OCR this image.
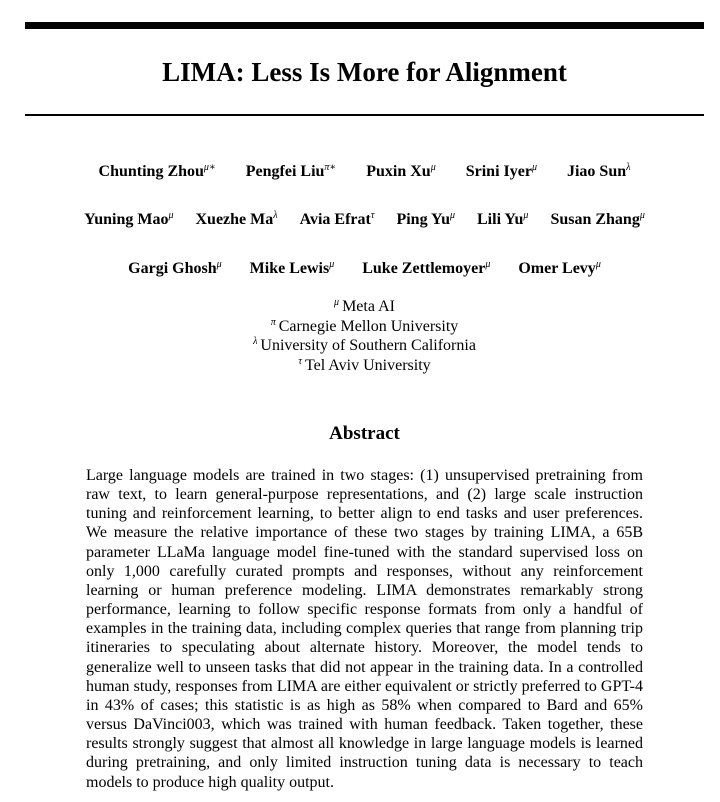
LIMA: Less Is More for Alignment
Chunting Zhou$^{\mu∗}$ Pengfei Liu$^{\pi∗}$ Puxin $Xu^\mu$ Srini Iyer$^\mu$ Jiao Sun$^\lambda$
Yuning Mao$^\mu$ Xuezhe $Ma^\lambda$ Avia Efrat$^\tau$ Ping $Yu^\mu$ Lili $Yu^\mu$ Susan Zhang$^\mu$
Gargi Ghosh$^\mu$ Mike Lewis$^\mu$ Luke Zettlemoyer$^\mu$ Omer Levy$^\mu$
$^\mu$ Meta AI
$^\pi$ Carnegie Mellon University
$^\lambda$ University of Southern California
$^\tau$ Tel Aviv University
Abstract

Large language models are trained in two stages: (1) unsupervised pretraining from raw text, to learn general-purpose representations, and (2) large scale instruction tuning and reinforcement learning, to better align to end tasks and user preferences. We measure the relative importance of these two stages by training LIMA, a 65B parameter LLaMa language model fine-tuned with the standard supervised loss on only 1,000 carefully curated prompts and responses, without any reinforcement learning or human preference modeling. LIMA demonstrates remarkably strong performance, learning to follow specific response formats from only a handful of examples in the training data, including complex queries that range from planning trip itineraries to speculating about alternate history. Moreover, the model tends to generalize well to unseen tasks that did not appear in the training data. In a controlled human study, responses from LIMA are either equivalent or strictly preferred to GPT-4 in 43% of cases; this statistic is as high as 58% when compared to Bard and 65% versus DaVinci003, which was trained with human feedback. Taken together, these results strongly suggest that almost all knowledge in large language models is learned during pretraining, and only limited instruction tuning data is necessary to teach models to produce high quality output.
